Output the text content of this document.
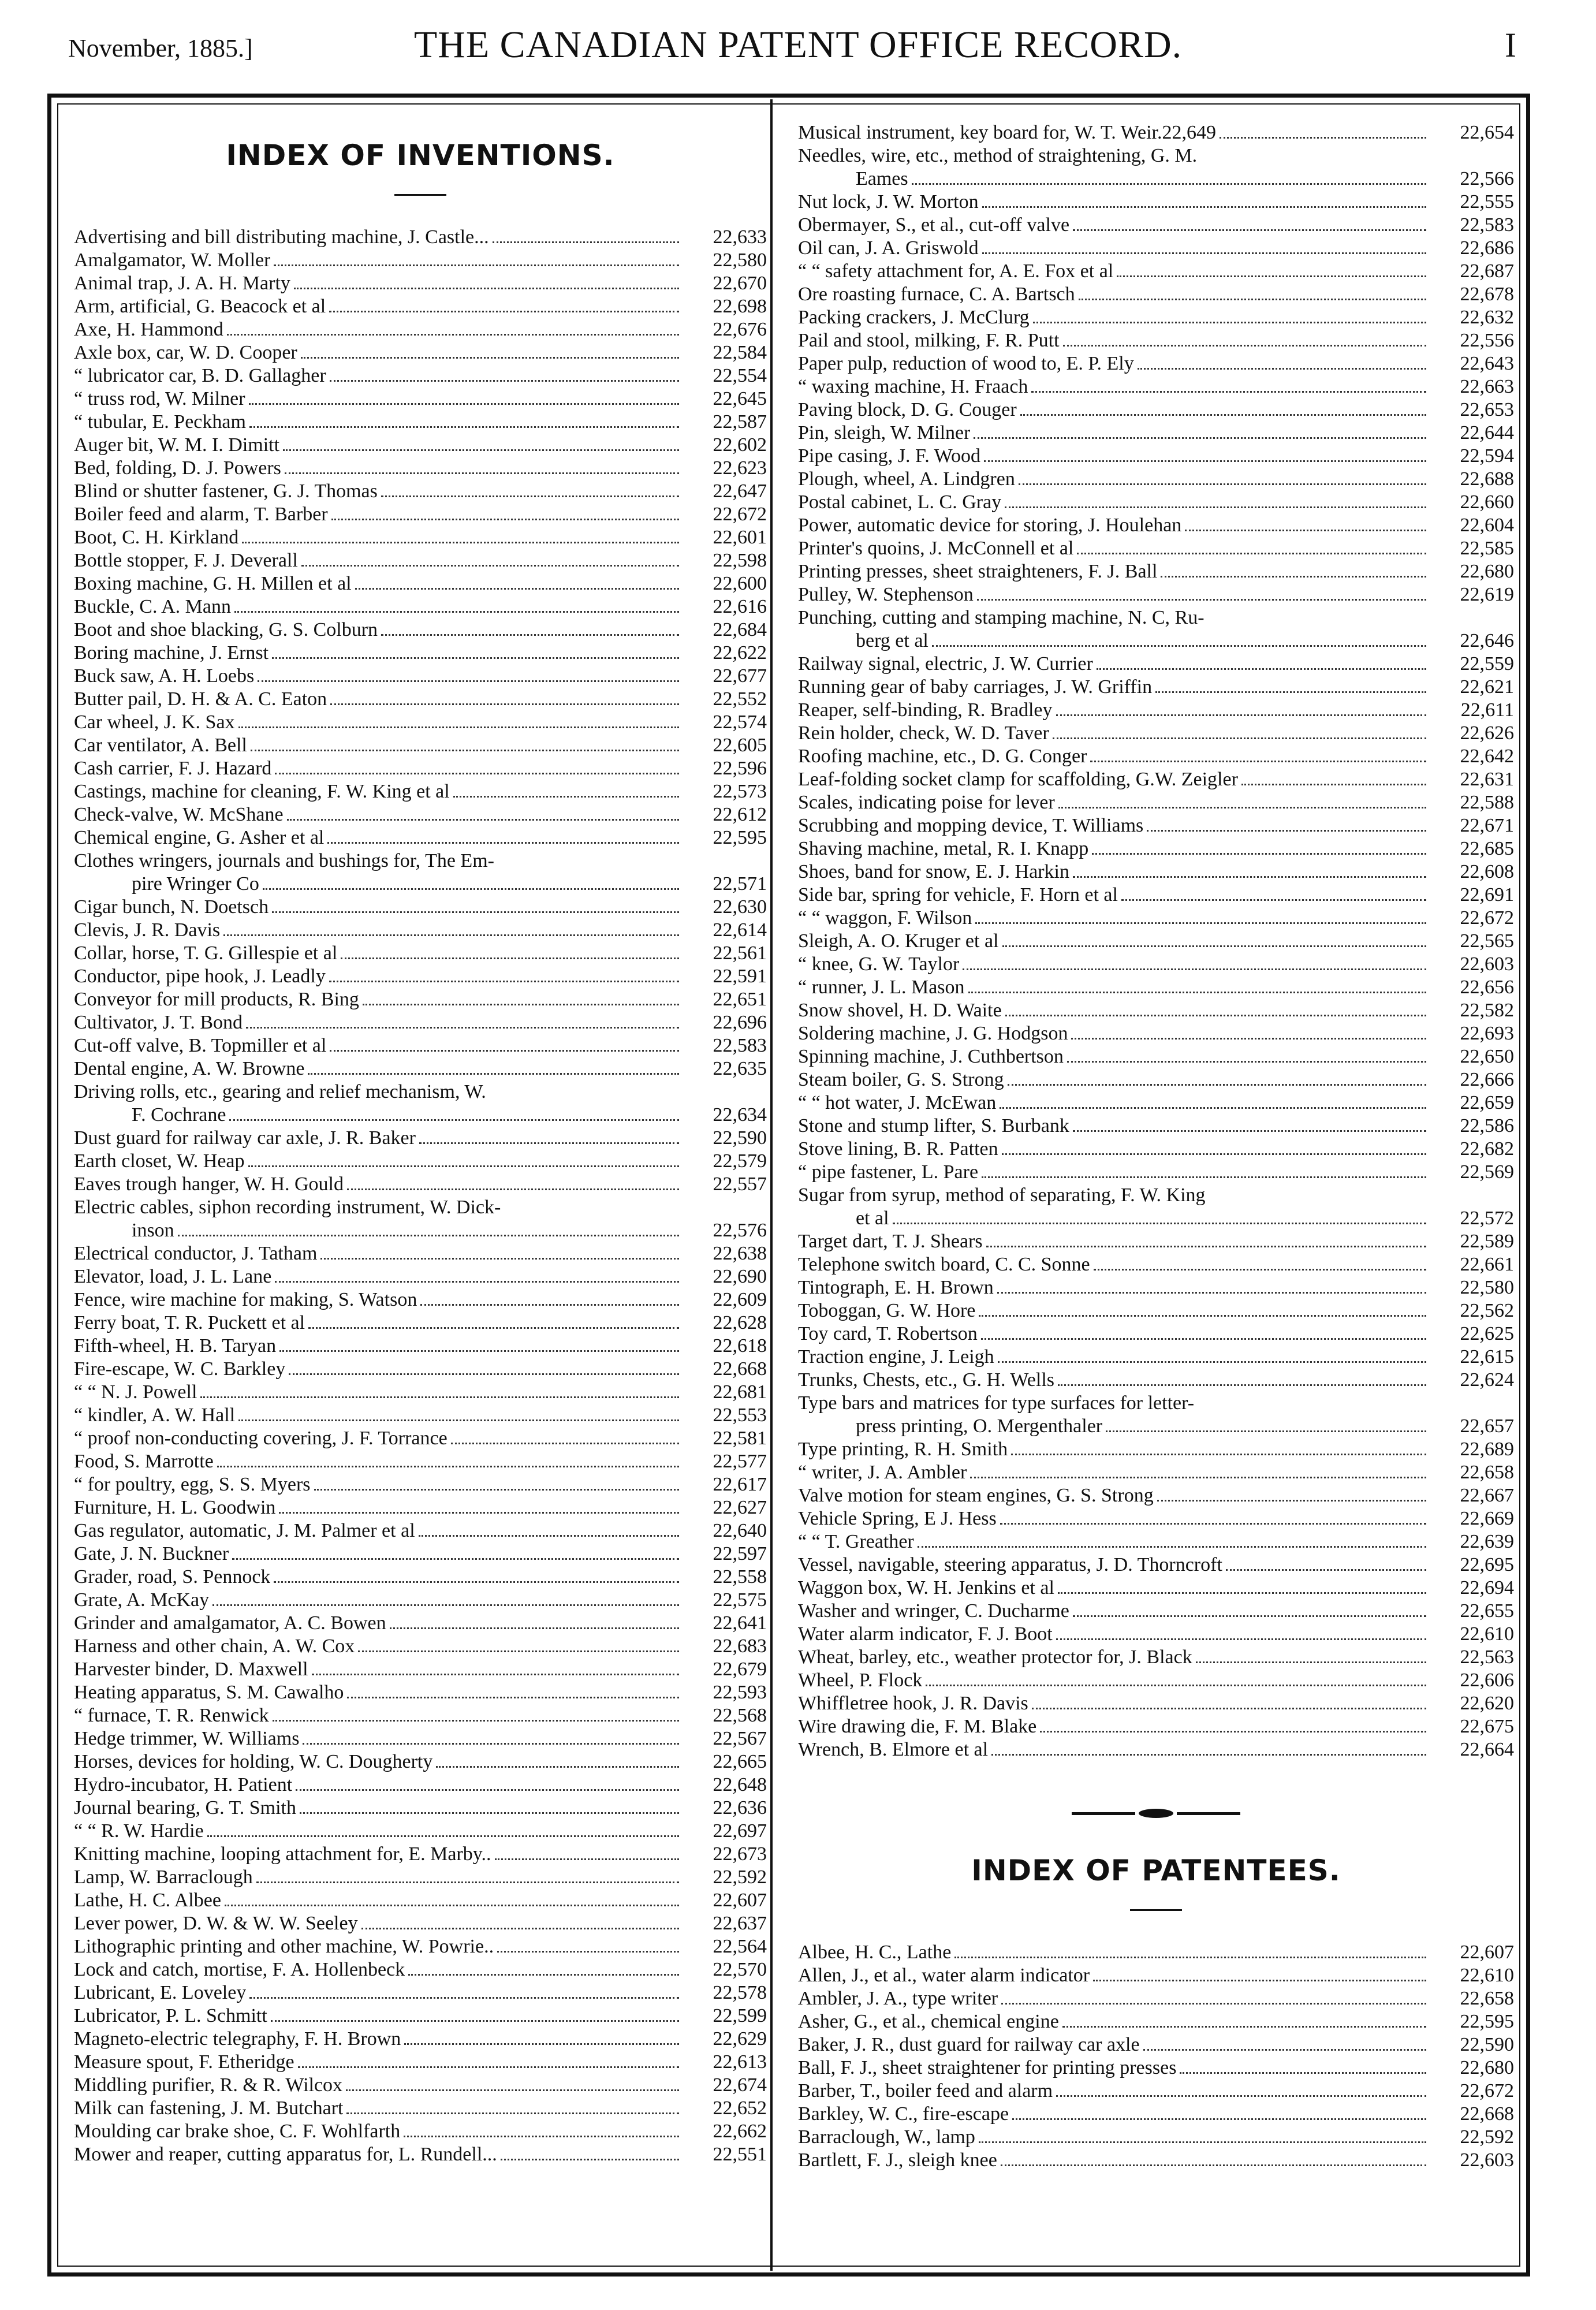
November, 1885.]	THE CANADIAN PATENT OFFICE RECORD.	I
INDEX OF INVENTIONS.
Advertising and bill distributing machine, J. Castle...	22,633
Amalgamator, W. Moller	22,580
Animal trap, J. A. H. Marty	22,670
Arm, artificial, G. Beacock et al	22,698
Axe, H. Hammond	22,676
Axle box, car, W. D. Cooper	22,584
“ lubricator car, B. D. Gallagher	22,554
“ truss rod, W. Milner	22,645
“ tubular, E. Peckham	22,587
Auger bit, W. M. I. Dimitt	22,602
Bed, folding, D. J. Powers	22,623
Blind or shutter fastener, G. J. Thomas	22,647
Boiler feed and alarm, T. Barber	22,672
Boot, C. H. Kirkland	22,601
Bottle stopper, F. J. Deverall	22,598
Boxing machine, G. H. Millen et al	22,600
Buckle, C. A. Mann	22,616
Boot and shoe blacking, G. S. Colburn	22,684
Boring machine, J. Ernst	22,622
Buck saw, A. H. Loebs	22,677
Butter pail, D. H. & A. C. Eaton	22,552
Car wheel, J. K. Sax	22,574
Car ventilator, A. Bell	22,605
Cash carrier, F. J. Hazard	22,596
Castings, machine for cleaning, F. W. King et al	22,573
Check-valve, W. McShane	22,612
Chemical engine, G. Asher et al	22,595
Clothes wringers, journals and bushings for, The Em-
pire Wringer Co	22,571
Cigar bunch, N. Doetsch	22,630
Clevis, J. R. Davis	22,614
Collar, horse, T. G. Gillespie et al	22,561
Conductor, pipe hook, J. Leadly	22,591
Conveyor for mill products, R. Bing	22,651
Cultivator, J. T. Bond	22,696
Cut-off valve, B. Topmiller et al	22,583
Dental engine, A. W. Browne	22,635
Driving rolls, etc., gearing and relief mechanism, W.
F. Cochrane	22,634
Dust guard for railway car axle, J. R. Baker	22,590
Earth closet, W. Heap	22,579
Eaves trough hanger, W. H. Gould	22,557
Electric cables, siphon recording instrument, W. Dick-
inson	22,576
Electrical conductor, J. Tatham	22,638
Elevator, load, J. L. Lane	22,690
Fence, wire machine for making, S. Watson	22,609
Ferry boat, T. R. Puckett et al	22,628
Fifth-wheel, H. B. Taryan	22,618
Fire-escape, W. C. Barkley	22,668
“ “ N. J. Powell	22,681
“ kindler, A. W. Hall	22,553
“ proof non-conducting covering, J. F. Torrance	22,581
Food, S. Marrotte	22,577
“ for poultry, egg, S. S. Myers	22,617
Furniture, H. L. Goodwin	22,627
Gas regulator, automatic, J. M. Palmer et al	22,640
Gate, J. N. Buckner	22,597
Grader, road, S. Pennock	22,558
Grate, A. McKay	22,575
Grinder and amalgamator, A. C. Bowen	22,641
Harness and other chain, A. W. Cox	22,683
Harvester binder, D. Maxwell	22,679
Heating apparatus, S. M. Cawalho	22,593
“ furnace, T. R. Renwick	22,568
Hedge trimmer, W. Williams	22,567
Horses, devices for holding, W. C. Dougherty	22,665
Hydro-incubator, H. Patient	22,648
Journal bearing, G. T. Smith	22,636
“ “ R. W. Hardie	22,697
Knitting machine, looping attachment for, E. Marby..	22,673
Lamp, W. Barraclough	22,592
Lathe, H. C. Albee	22,607
Lever power, D. W. & W. W. Seeley	22,637
Lithographic printing and other machine, W. Powrie..	22,564
Lock and catch, mortise, F. A. Hollenbeck	22,570
Lubricant, E. Loveley	22,578
Lubricator, P. L. Schmitt	22,599
Magneto-electric telegraphy, F. H. Brown	22,629
Measure spout, F. Etheridge	22,613
Middling purifier, R. & R. Wilcox	22,674
Milk can fastening, J. M. Butchart	22,652
Moulding car brake shoe, C. F. Wohlfarth	22,662
Mower and reaper, cutting apparatus for, L. Rundell...	22,551
Musical instrument, key board for, W. T. Weir.22,649	22,654
Needles, wire, etc., method of straightening, G. M.
Eames	22,566
Nut lock, J. W. Morton	22,555
Obermayer, S., et al., cut-off valve	22,583
Oil can, J. A. Griswold	22,686
“ “ safety attachment for, A. E. Fox et al	22,687
Ore roasting furnace, C. A. Bartsch	22,678
Packing crackers, J. McClurg	22,632
Pail and stool, milking, F. R. Putt	22,556
Paper pulp, reduction of wood to, E. P. Ely	22,643
“ waxing machine, H. Fraach	22,663
Paving block, D. G. Couger	22,653
Pin, sleigh, W. Milner	22,644
Pipe casing, J. F. Wood	22,594
Plough, wheel, A. Lindgren	22,688
Postal cabinet, L. C. Gray	22,660
Power, automatic device for storing, J. Houlehan	22,604
Printer's quoins, J. McConnell et al	22,585
Printing presses, sheet straighteners, F. J. Ball	22,680
Pulley, W. Stephenson	22,619
Punching, cutting and stamping machine, N. C, Ru-
berg et al	22,646
Railway signal, electric, J. W. Currier	22,559
Running gear of baby carriages, J. W. Griffin	22,621
Reaper, self-binding, R. Bradley	22,611
Rein holder, check, W. D. Taver	22,626
Roofing machine, etc., D. G. Conger	22,642
Leaf-folding socket clamp for scaffolding, G.W. Zeigler	22,631
Scales, indicating poise for lever	22,588
Scrubbing and mopping device, T. Williams	22,671
Shaving machine, metal, R. I. Knapp	22,685
Shoes, band for snow, E. J. Harkin	22,608
Side bar, spring for vehicle, F. Horn et al	22,691
“ “ waggon, F. Wilson	22,672
Sleigh, A. O. Kruger et al	22,565
“ knee, G. W. Taylor	22,603
“ runner, J. L. Mason	22,656
Snow shovel, H. D. Waite	22,582
Soldering machine, J. G. Hodgson	22,693
Spinning machine, J. Cuthbertson	22,650
Steam boiler, G. S. Strong	22,666
“ “ hot water, J. McEwan	22,659
Stone and stump lifter, S. Burbank	22,586
Stove lining, B. R. Patten	22,682
“ pipe fastener, L. Pare	22,569
Sugar from syrup, method of separating, F. W. King
et al	22,572
Target dart, T. J. Shears	22,589
Telephone switch board, C. C. Sonne	22,661
Tintograph, E. H. Brown	22,580
Toboggan, G. W. Hore	22,562
Toy card, T. Robertson	22,625
Traction engine, J. Leigh	22,615
Trunks, Chests, etc., G. H. Wells	22,624
Type bars and matrices for type surfaces for letter-
press printing, O. Mergenthaler	22,657
Type printing, R. H. Smith	22,689
“ writer, J. A. Ambler	22,658
Valve motion for steam engines, G. S. Strong	22,667
Vehicle Spring, E J. Hess	22,669
“ “ T. Greather	22,639
Vessel, navigable, steering apparatus, J. D. Thorncroft	22,695
Waggon box, W. H. Jenkins et al	22,694
Washer and wringer, C. Ducharme	22,655
Water alarm indicator, F. J. Boot	22,610
Wheat, barley, etc., weather protector for, J. Black	22,563
Wheel, P. Flock	22,606
Whiffletree hook, J. R. Davis	22,620
Wire drawing die, F. M. Blake	22,675
Wrench, B. Elmore et al	22,664
INDEX OF PATENTEES.
Albee, H. C., Lathe	22,607
Allen, J., et al., water alarm indicator	22,610
Ambler, J. A., type writer	22,658
Asher, G., et al., chemical engine	22,595
Baker, J. R., dust guard for railway car axle	22,590
Ball, F. J., sheet straightener for printing presses	22,680
Barber, T., boiler feed and alarm	22,672
Barkley, W. C., fire-escape	22,668
Barraclough, W., lamp	22,592
Bartlett, F. J., sleigh knee	22,603
